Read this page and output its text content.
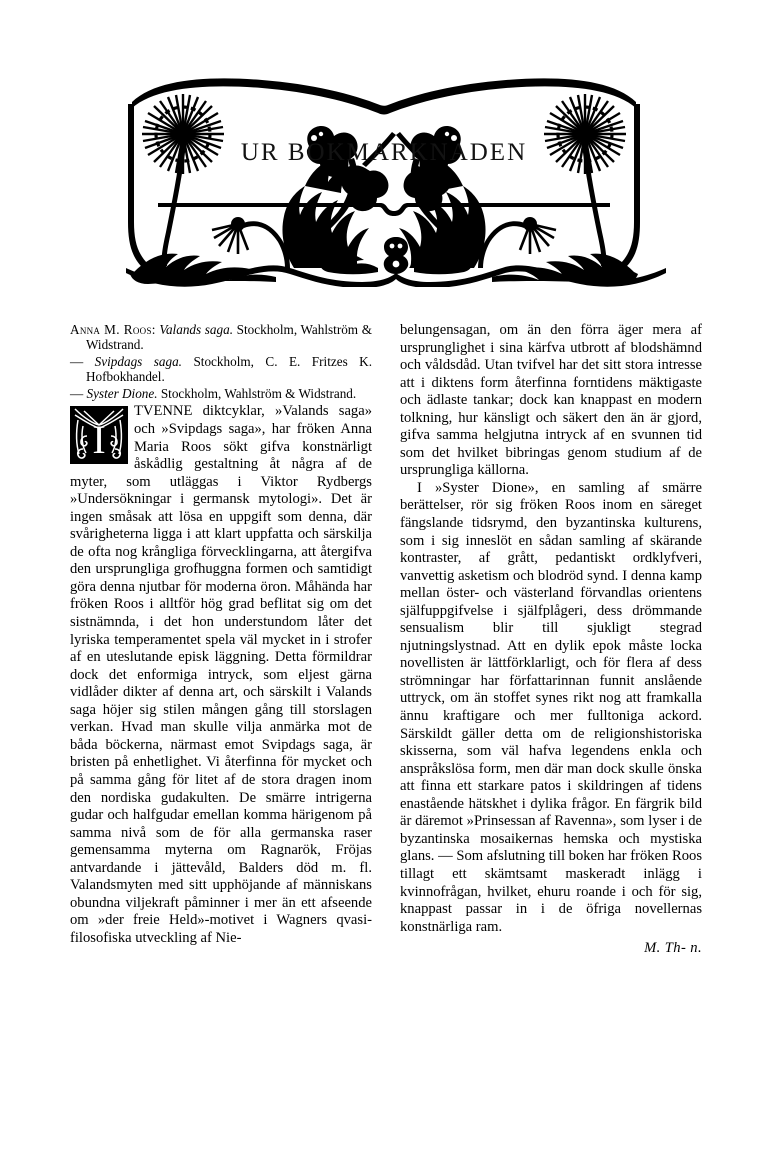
UR BOKMARKNADEN

Anna M. Roos: Valands saga. Stockholm, Wahlström & Widstrand.

— Svipdags saga. Stockholm, C. E. Fritzes K. Hofbokhandel.

— Syster Dione. Stockholm, Wahlström & Widstrand.

I
TVENNE diktcyklar, »Valands saga» och »Svipdags saga», har fröken Anna Maria Roos sökt gifva konstnärligt åskådlig gestaltning åt några af de myter, som utläggas i Viktor Rydbergs »Undersökningar i germansk mytologi». Det är ingen småsak att lösa en uppgift som denna, där svårigheterna ligga i att klart uppfatta och särskilja de ofta nog krångliga förvecklingarna, att återgifva den ursprungliga grofhuggna formen och samtidigt göra denna njutbar för moderna öron. Måhända har fröken Roos i alltför hög grad beflitat sig om det sistnämnda, i det hon understundom låter det lyriska temperamentet spela väl mycket in i strofer af en uteslutande episk läggning. Detta förmildrar dock det enformiga intryck, som eljest gärna vidlåder dikter af denna art, och särskilt i Valands saga höjer sig stilen mången gång till storslagen verkan. Hvad man skulle vilja anmärka mot de båda böckerna, närmast emot Svipdags saga, är bristen på enhetlighet. Vi återfinna för mycket och på samma gång för litet af de stora dragen inom den nordiska gudakulten. De smärre intrigerna gudar och halfgudar emellan komma härigenom på samma nivå som de för alla germanska raser gemensamma myterna om Ragnarök, Fröjas antvardande i jättevåld, Balders död m. fl. Valandsmyten med sitt upphöjande af människans obundna viljekraft påminner i mer än ett afseende om »der freie Held»-motivet i Wagners qvasi-filosofiska utveckling af Nie-

belungensagan, om än den förra äger mera af ursprunglighet i sina kärfva utbrott af blodshämnd och våldsdåd. Utan tvifvel har det sitt stora intresse att i diktens form återfinna forntidens mäktigaste och ädlaste tankar; dock kan knappast en modern tolkning, hur känsligt och säkert den än är gjord, gifva samma helgjutna intryck af en svunnen tid som det hvilket bibringas genom studium af de ursprungliga källorna.

I »Syster Dione», en samling af smärre berättelser, rör sig fröken Roos inom en säreget fängslande tidsrymd, den byzantinska kulturens, som i sig inneslöt en sådan samling af skärande kontraster, af grått, pedantiskt ordklyfveri, vanvettig asketism och blodröd synd. I denna kamp mellan öster- och västerland förvandlas orientens själfuppgifvelse i själfplågeri, dess drömmande sensualism blir till sjukligt stegrad njutningslystnad. Att en dylik epok måste locka novellisten är lättförklarligt, och för flera af dess strömningar har författarinnan funnit anslående uttryck, om än stoffet synes rikt nog att framkalla ännu kraftigare och mer fulltoniga ackord. Särskildt gäller detta om de religionshistoriska skisserna, som väl hafva legendens enkla och anspråkslösa form, men där man dock skulle önska att finna ett starkare patos i skildringen af tidens enastående hätskhet i dylika frågor. En färgrik bild är däremot »Prinsessan af Ravenna», som lyser i de byzantinska mosaikernas hemska och mystiska glans. — Som afslutning till boken har fröken Roos tillagt ett skämtsamt maskeradt inlägg i kvinnofrågan, hvilket, ehuru roande i och för sig, knappast passar in i de öfriga novellernas konstnärliga ram.

M. Th- n.
